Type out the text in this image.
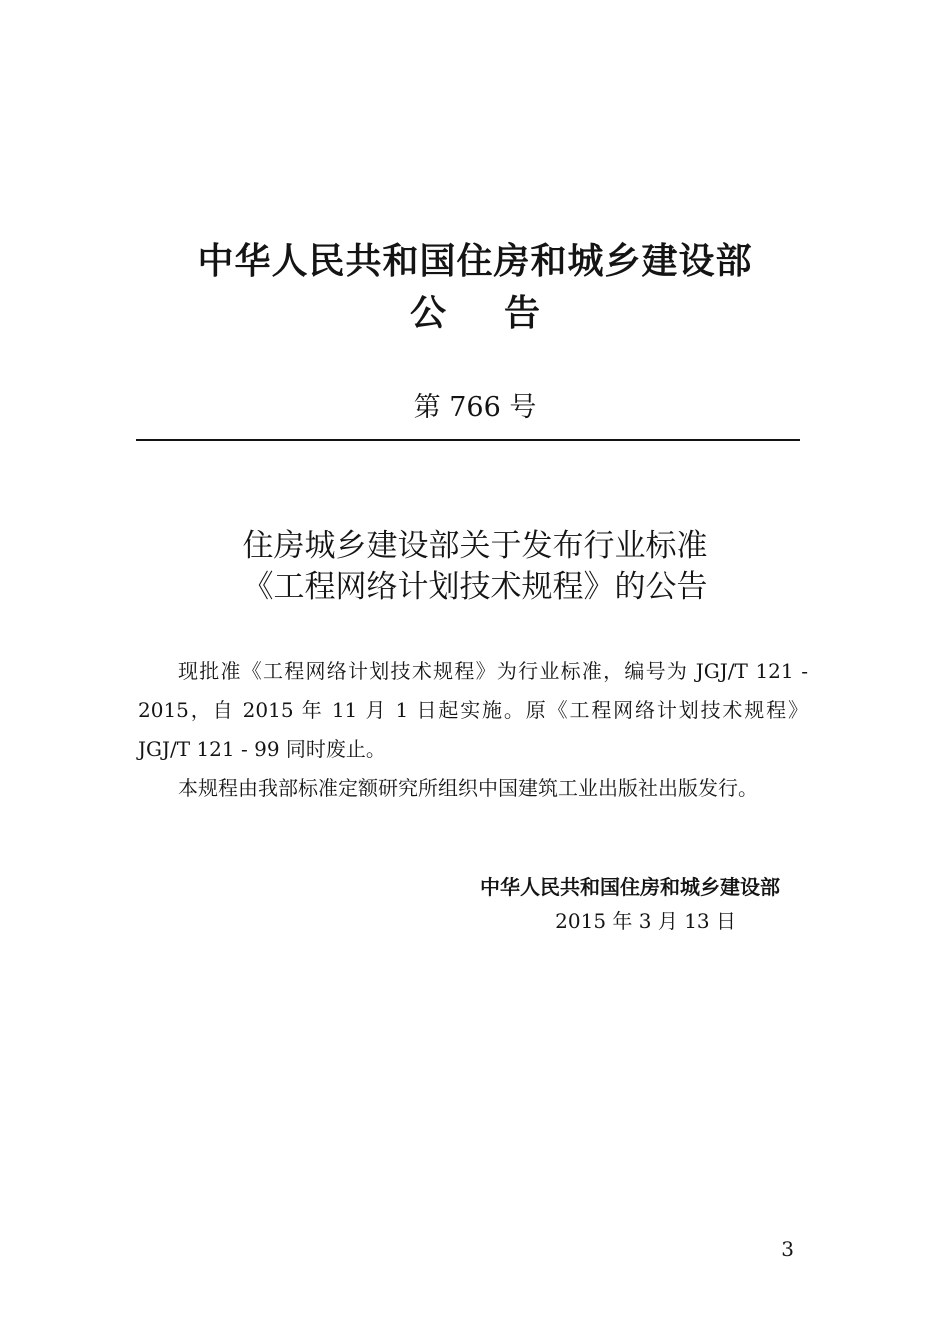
中华人民共和国住房和城乡建设部
公告
第 766 号
住房城乡建设部关于发布行业标准
《工程网络计划技术规程》的公告

现批准《工程网络计划技术规程》为行业标准，编号为 JGJ/T 121 - 2015，自 2015 年 11 月 1 日起实施。原《工程网络计划技术规程》JGJ/T 121 - 99 同时废止。

本规程由我部标准定额研究所组织中国建筑工业出版社出版发行。

中华人民共和国住房和城乡建设部
2015 年 3 月 13 日
3
